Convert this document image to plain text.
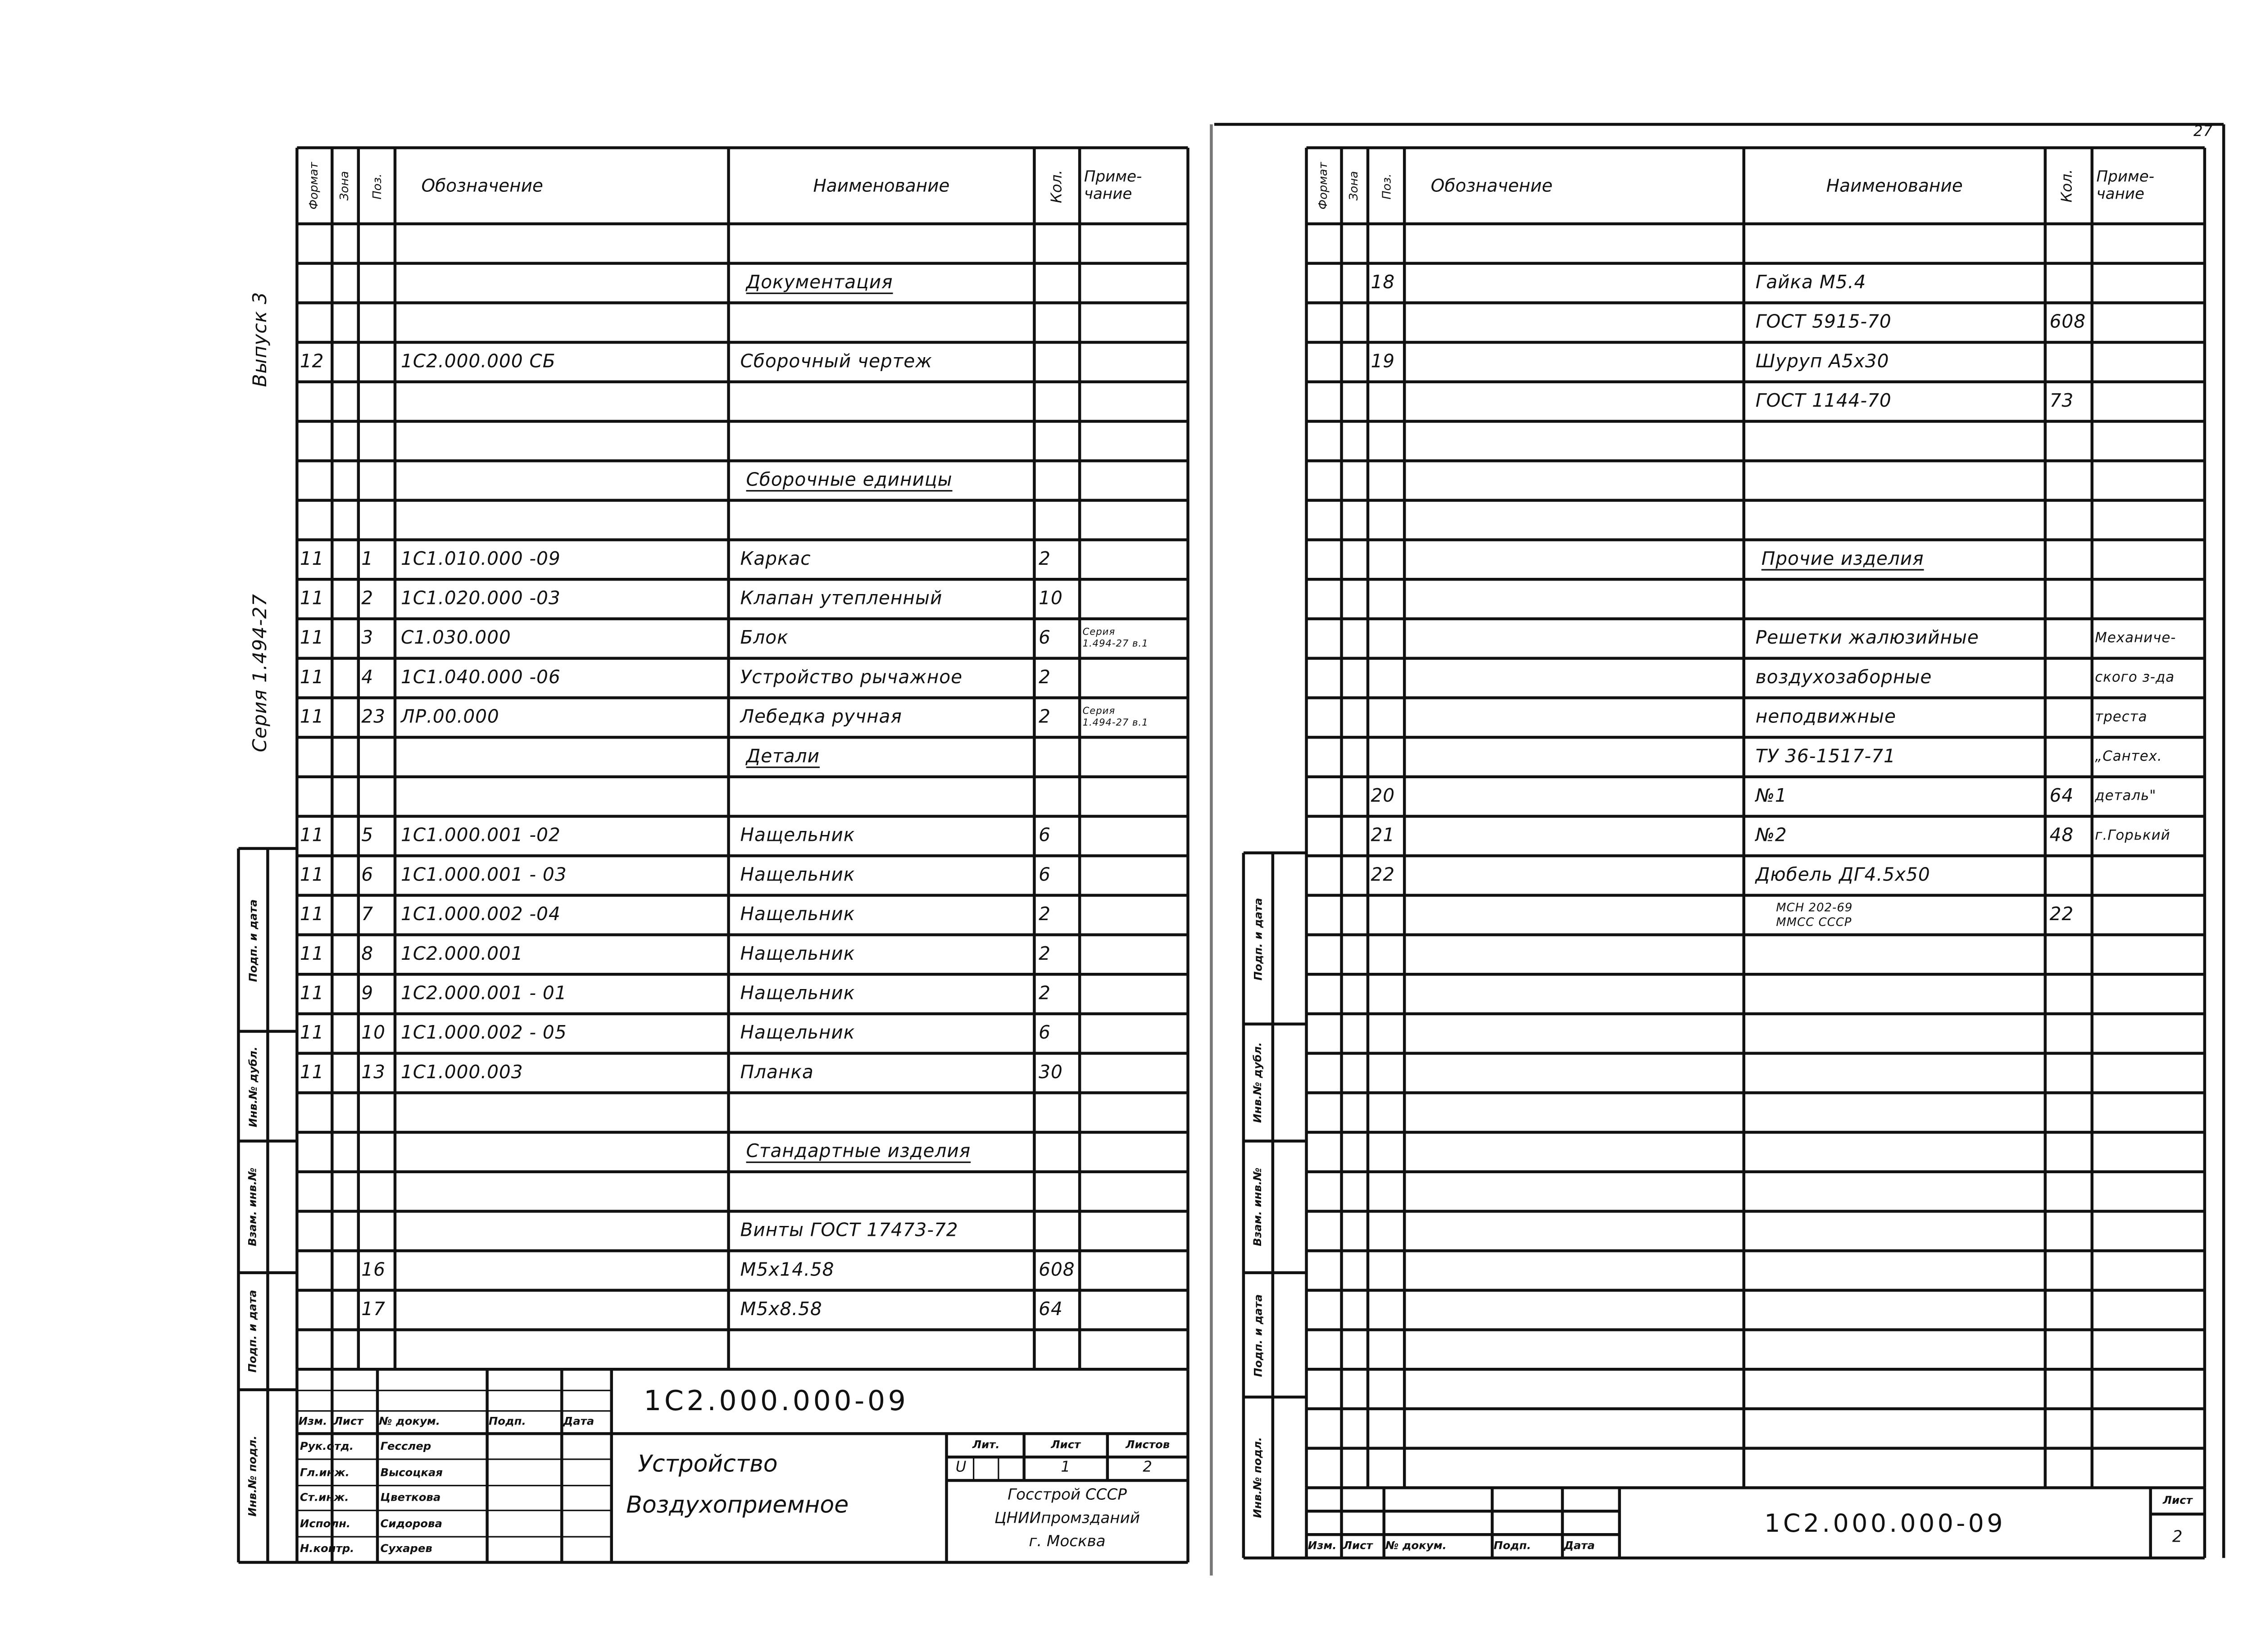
27
Формат	Зона	Поз.	Обозначение	Наименование	Кол.	Приме-
чание
Документация
12	1С2.000.000 СБ	Сборочный чертеж
Сборочные единицы
11	1	1С1.010.000 -09	Каркас	2
11	2	1С1.020.000 -03	Клапан утепленный	10
11	3	С1.030.000	Блок	6	Серия
1.494-27 в.1
11	4	1С1.040.000 -06	Устройство рычажное	2
11	23	ЛР.00.000	Лебедка ручная	2	Серия
1.494-27 в.1
Детали
11	5	1С1.000.001 -02	Нащельник	6
11	6	1С1.000.001 - 03	Нащельник	6
11	7	1С1.000.002 -04	Нащельник	2
11	8	1С2.000.001	Нащельник	2
11	9	1С2.000.001 - 01	Нащельник	2
11	10	1С1.000.002 - 05	Нащельник	6
11	13	1С1.000.003	Планка	30
Стандартные изделия
Винты ГОСТ 17473-72
16	М5х14.58	608
17	М5х8.58	64
Изм.	Лист	№ докум.	Подп.	Дата
Рук.отд.	Гесслер
Гл.инж.	Высоцкая
Ст.инж.	Цветкова
Исполн.	Сидорова
Н.контр.	Сухарев
1С2.000.000-09
Устройство
Воздухоприемное
Лит.	Лист	Листов
U	1	2
Госстрой СССР
ЦНИИпромзданий
г. Москва
Подп. и дата
Инв.№ дубл.
Взам. инв.№
Подп. и дата
Инв.№ подл.
Серия 1.494-27
Выпуск 3
Формат	Зона	Поз.	Обозначение	Наименование	Кол.	Приме-
чание
18	Гайка М5.4
ГОСТ 5915-70	608
19	Шуруп А5х30
ГОСТ 1144-70	73
Прочие изделия
Решетки жалюзийные	Механиче-
воздухозаборные	ского з-да
неподвижные	треста
ТУ 36-1517-71	„Сантех.
20	№1	64	деталь"
21	№2	48	г.Горький
22	Дюбель ДГ4.5х50
МСН 202-69
ММСС СССР	22
Изм.	Лист	№ докум.	Подп.	Дата
1С2.000.000-09
Лист
2
Подп. и дата
Инв.№ дубл.
Взам. инв.№
Подп. и дата
Инв.№ подл.
